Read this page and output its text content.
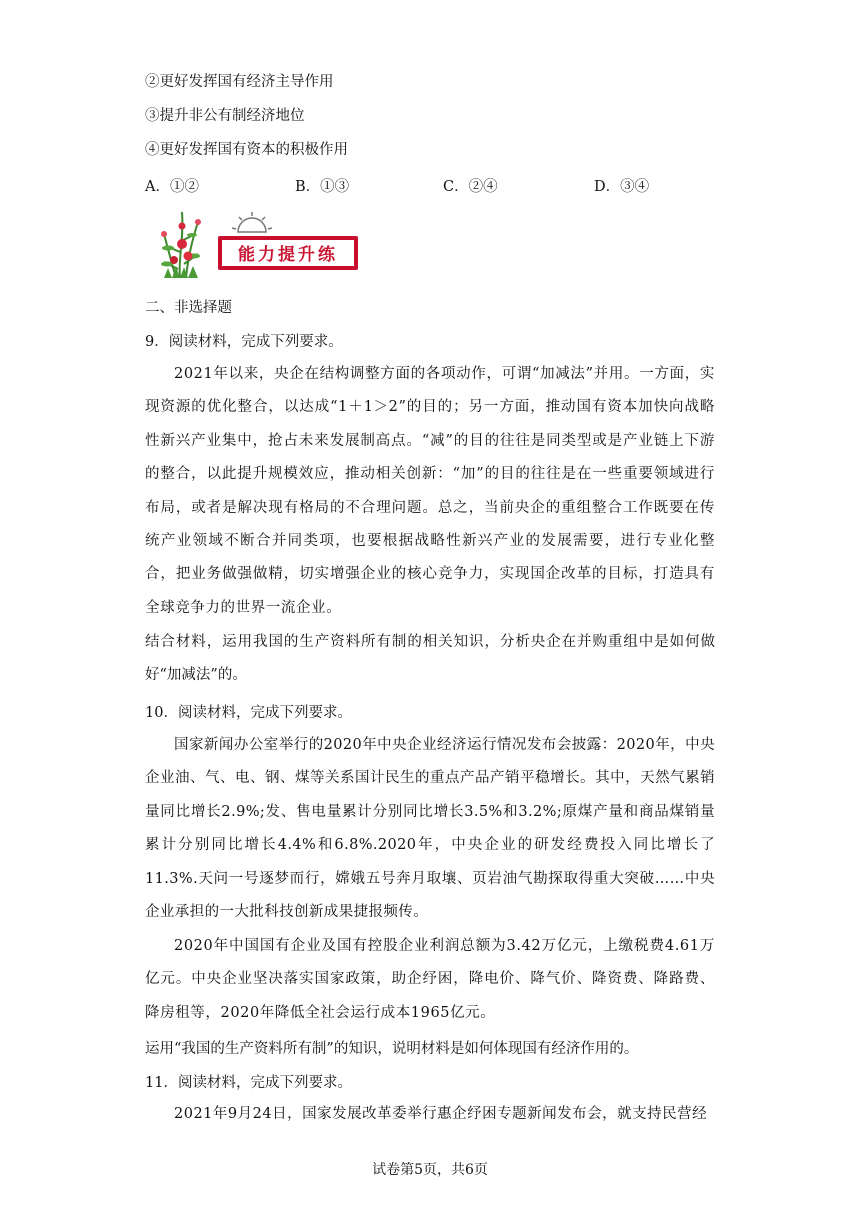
②更好发挥国有经济主导作用
③提升非公有制经济地位
④更好发挥国有资本的积极作用
A．①②	B．①③	C．②④	D．③④
能力提升练
二、非选择题
9．阅读材料，完成下列要求。
2021年以来，央企在结构调整方面的各项动作，可谓“加减法”并用。一方面，实现资源的优化整合，以达成“1＋1＞2”的目的；另一方面，推动国有资本加快向战略性新兴产业集中，抢占未来发展制高点。“减”的目的往往是同类型或是产业链上下游的整合，以此提升规模效应，推动相关创新：“加”的目的往往是在一些重要领域进行布局，或者是解决现有格局的不合理问题。总之，当前央企的重组整合工作既要在传统产业领域不断合并同类项，也要根据战略性新兴产业的发展需要，进行专业化整合，把业务做强做精，切实增强企业的核心竞争力，实现国企改革的目标，打造具有全球竞争力的世界一流企业。
结合材料，运用我国的生产资料所有制的相关知识，分析央企在并购重组中是如何做好“加减法”的。
10．阅读材料，完成下列要求。
国家新闻办公室举行的2020年中央企业经济运行情况发布会披露：2020年，中央企业油、气、电、钢、煤等关系国计民生的重点产品产销平稳增长。其中，天然气累销量同比增长2.9%;发、售电量累计分别同比增长3.5%和3.2%;原煤产量和商品煤销量累计分别同比增长4.4%和6.8%.2020年，中央企业的研发经费投入同比增长了11.3%.天问一号逐梦而行，嫦娥五号奔月取壤、页岩油气勘探取得重大突破……中央企业承担的一大批科技创新成果捷报频传。
2020年中国国有企业及国有控股企业利润总额为3.42万亿元，上缴税费4.61万亿元。中央企业坚决落实国家政策，助企纾困，降电价、降气价、降资费、降路费、降房租等，2020年降低全社会运行成本1965亿元。
运用“我国的生产资料所有制”的知识，说明材料是如何体现国有经济作用的。
11．阅读材料，完成下列要求。
2021年9月24日，国家发展改革委举行惠企纾困专题新闻发布会，就支持民营经
试卷第5页，共6页
